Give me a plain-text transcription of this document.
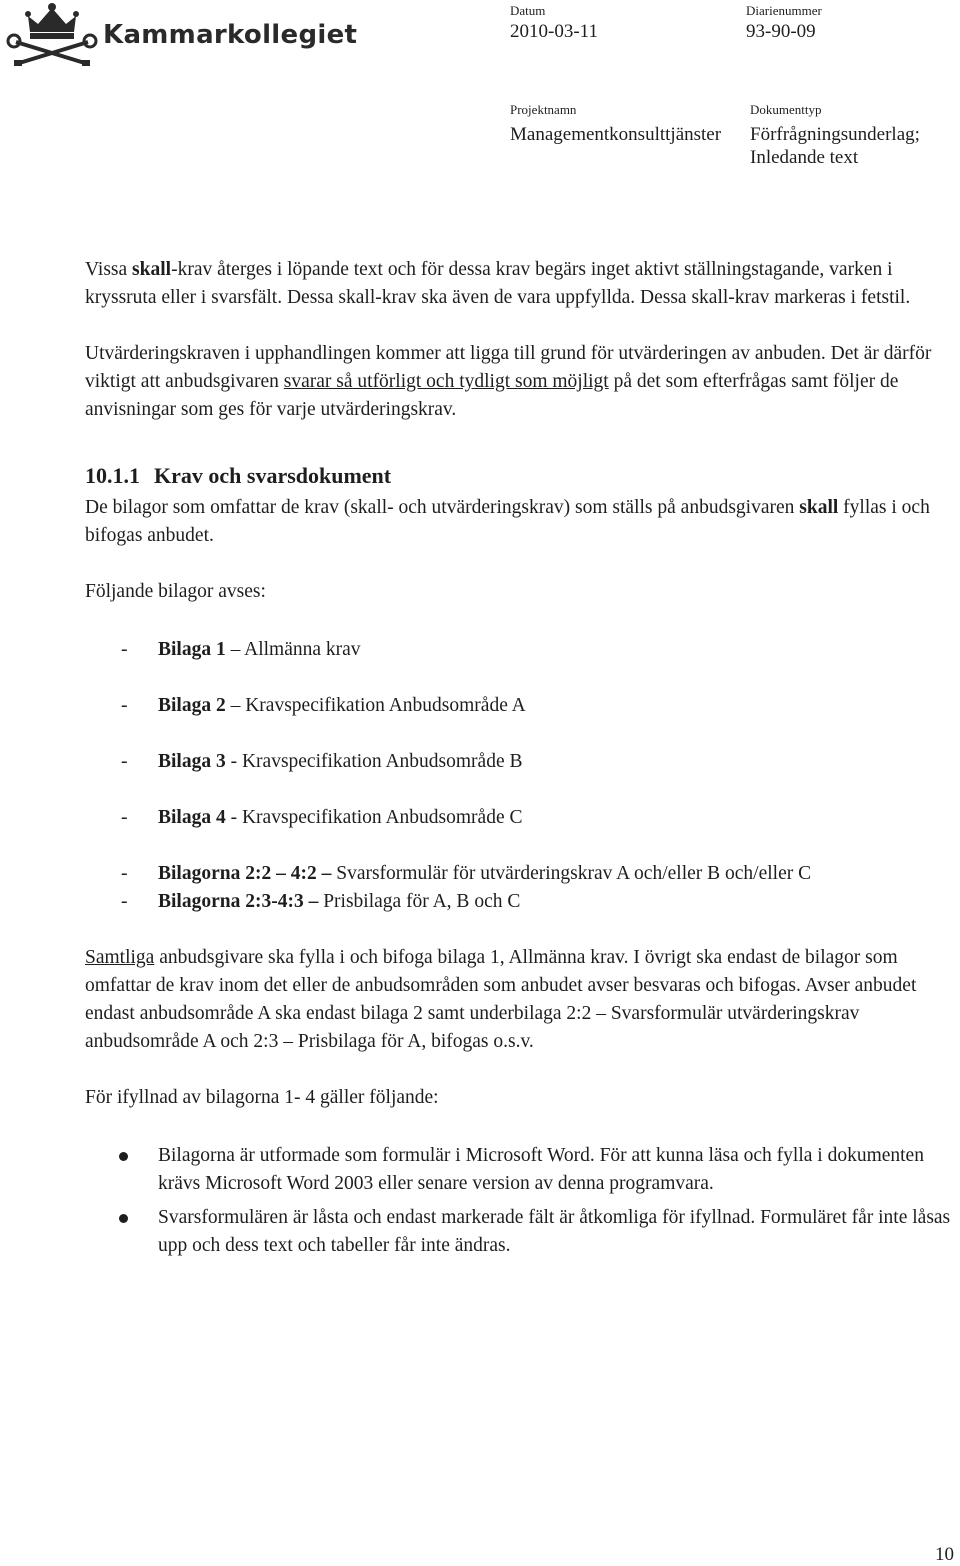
Kammarkollegiet
Datum
2010-03-11
Diarienummer
93-90-09
Projektnamn
Managementkonsulttjänster
Dokumenttyp
Förfrågningsunderlag;
Inledande text

Vissa skall-krav återges i löpande text och för dessa krav begärs inget aktivt ställningstagande, varken i kryssruta eller i svarsfält. Dessa skall-krav ska även de vara uppfyllda. Dessa skall-krav markeras i fetstil.

Utvärderingskraven i upphandlingen kommer att ligga till grund för utvärderingen av anbuden. Det är därför viktigt att anbudsgivaren svarar så utförligt och tydligt som möjligt på det som efterfrågas samt följer de anvisningar som ges för varje utvärderingskrav.

10.1.1 Krav och svarsdokument

De bilagor som omfattar de krav (skall- och utvärderingskrav) som ställs på anbudsgivaren skall fyllas i och bifogas anbudet.

Följande bilagor avses:

- Bilaga 1 – Allmänna krav
- Bilaga 2 – Kravspecifikation Anbudsområde A
- Bilaga 3 - Kravspecifikation Anbudsområde B
- Bilaga 4 - Kravspecifikation Anbudsområde C
- Bilagorna 2:2 – 4:2 – Svarsformulär för utvärderingskrav A och/eller B och/eller C
- Bilagorna 2:3-4:3 – Prisbilaga för A, B och C

Samtliga anbudsgivare ska fylla i och bifoga bilaga 1, Allmänna krav. I övrigt ska endast de bilagor som omfattar de krav inom det eller de anbudsområden som anbudet avser besvaras och bifogas. Avser anbudet endast anbudsområde A ska endast bilaga 2 samt underbilaga 2:2 – Svarsformulär utvärderingskrav anbudsområde A och 2:3 – Prisbilaga för A, bifogas o.s.v.

För ifyllnad av bilagorna 1- 4 gäller följande:

Bilagorna är utformade som formulär i Microsoft Word. För att kunna läsa och fylla i dokumenten krävs Microsoft Word 2003 eller senare version av denna programvara.
Svarsformulären är låsta och endast markerade fält är åtkomliga för ifyllnad. Formuläret får inte låsas upp och dess text och tabeller får inte ändras.
10
